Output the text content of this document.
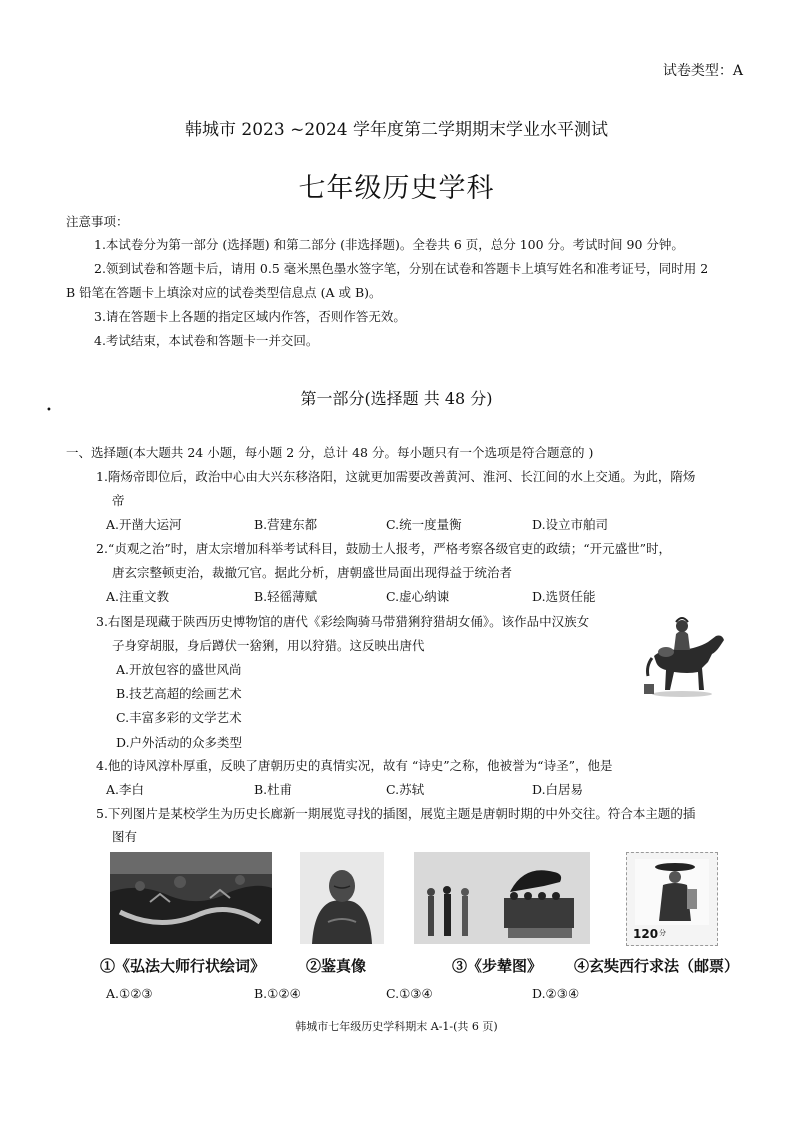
试卷类型：A
韩城市 2023 ~2024 学年度第二学期期末学业水平测试
七年级历史学科
注意事项：
1.本试卷分为第一部分 (选择题) 和第二部分 (非选择题)。全卷共 6 页，总分 100 分。考试时间 90 分钟。
2.领到试卷和答题卡后，请用 0.5 毫米黑色墨水签字笔，分别在试卷和答题卡上填写姓名和准考证号，同时用 2
B 铅笔在答题卡上填涂对应的试卷类型信息点 (A 或 B)。
3.请在答题卡上各题的指定区域内作答，否则作答无效。
4.考试结束，本试卷和答题卡一并交回。
第一部分(选择题 共 48 分)
•
一、选择题(本大题共 24 小题，每小题 2 分，总计 48 分。每小题只有一个选项是符合题意的 )
1.隋炀帝即位后，政治中心由大兴东移洛阳，这就更加需要改善黄河、淮河、长江间的水上交通。为此，隋炀
帝
A.开凿大运河	B.营建东都	C.统一度量衡	D.设立市舶司
2.“贞观之治”时，唐太宗增加科举考试科目，鼓励士人报考，严格考察各级官吏的政绩；“开元盛世”时，
唐玄宗整顿吏治，裁撤冗官。据此分析，唐朝盛世局面出现得益于统治者
A.注重文教	B.轻徭薄赋	C.虚心纳谏	D.选贤任能
3.右图是现藏于陕西历史博物馆的唐代《彩绘陶骑马带猎猁狩猎胡女俑》。该作品中汉族女
子身穿胡服，身后蹲伏一猞猁，用以狩猎。这反映出唐代
A.开放包容的盛世风尚
B.技艺高超的绘画艺术
C.丰富多彩的文学艺术
D.户外活动的众多类型
4.他的诗风淳朴厚重，反映了唐朝历史的真情实况，故有 “诗史”之称，他被誉为“诗圣”，他是
A.李白	B.杜甫	C.苏轼	D.白居易
5.下列图片是某校学生为历史长廊新一期展览寻找的插图，展览主题是唐朝时期的中外交往。符合本主题的插
图有
120 分
①《弘法大师行状绘词》	②鉴真像	③《步辇图》 ④玄奘西行求法（邮票）
A.①②③	B.①②④	C.①③④	D.②③④
韩城市七年级历史学科期末 A-1-(共 6 页)
